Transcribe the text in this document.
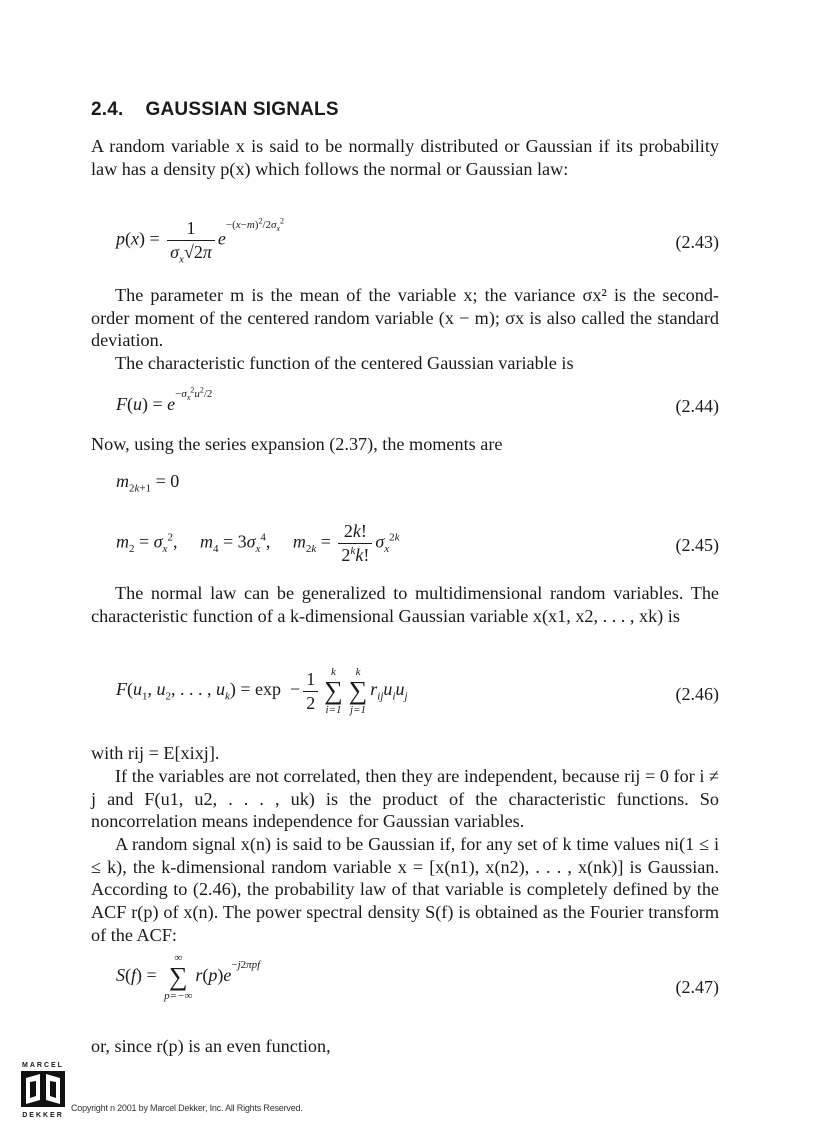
2.4. GAUSSIAN SIGNALS
A random variable x is said to be normally distributed or Gaussian if its probability law has a density p(x) which follows the normal or Gaussian law:
$p(x) = \frac{1}{\sigma_x√2\pi} e^{-(x-m)^2/2\sigma_x^2}$
(2.43)
The parameter m is the mean of the variable x; the variance σx² is the second-order moment of the centered random variable (x − m); σx is also called the standard deviation.
The characteristic function of the centered Gaussian variable is
$F(u) = e^{-\sigma_x^2u^2/2}$
(2.44)
Now, using the series expansion (2.37), the moments are
$m_{2k+1} = 0$
$m_2 = \sigma_x^2$,     $m_4 = 3\sigma_x^4$,     $m_{2k} = \frac{2k!}{2^kk!} \sigma_x^{2k}$	(2.45)
The normal law can be generalized to multidimensional random variables. The characteristic function of a k-dimensional Gaussian variable x(x1, x2, . . . , xk) is
$F(u_1$, $u_2$, . . . , $u_k) = \exp - \frac{1}{2}$	k
∑
i=1
k
∑
j=1
$r_{ij}u_iu_j$	(2.46)
with rij = E[xixj].
If the variables are not correlated, then they are independent, because rij = 0 for i ≠ j and F(u1, u2, . . . , uk) is the product of the characteristic functions. So noncorrelation means independence for Gaussian variables.
A random signal x(n) is said to be Gaussian if, for any set of k time values ni(1 ≤ i ≤ k), the k-dimensional random variable x = [x(n1), x(n2), . . . , x(nk)] is Gaussian. According to (2.46), the probability law of that variable is completely defined by the ACF r(p) of x(n). The power spectral density S(f) is obtained as the Fourier transform of the ACF:
S(f) =
∞
∑
p=−∞
$r(p)e^{-j2\pi pf}$
(2.47)
or, since r(p) is an even function,
MARCEL
DEKKER
Copyright n 2001 by Marcel Dekker, Inc. All Rights Reserved.
